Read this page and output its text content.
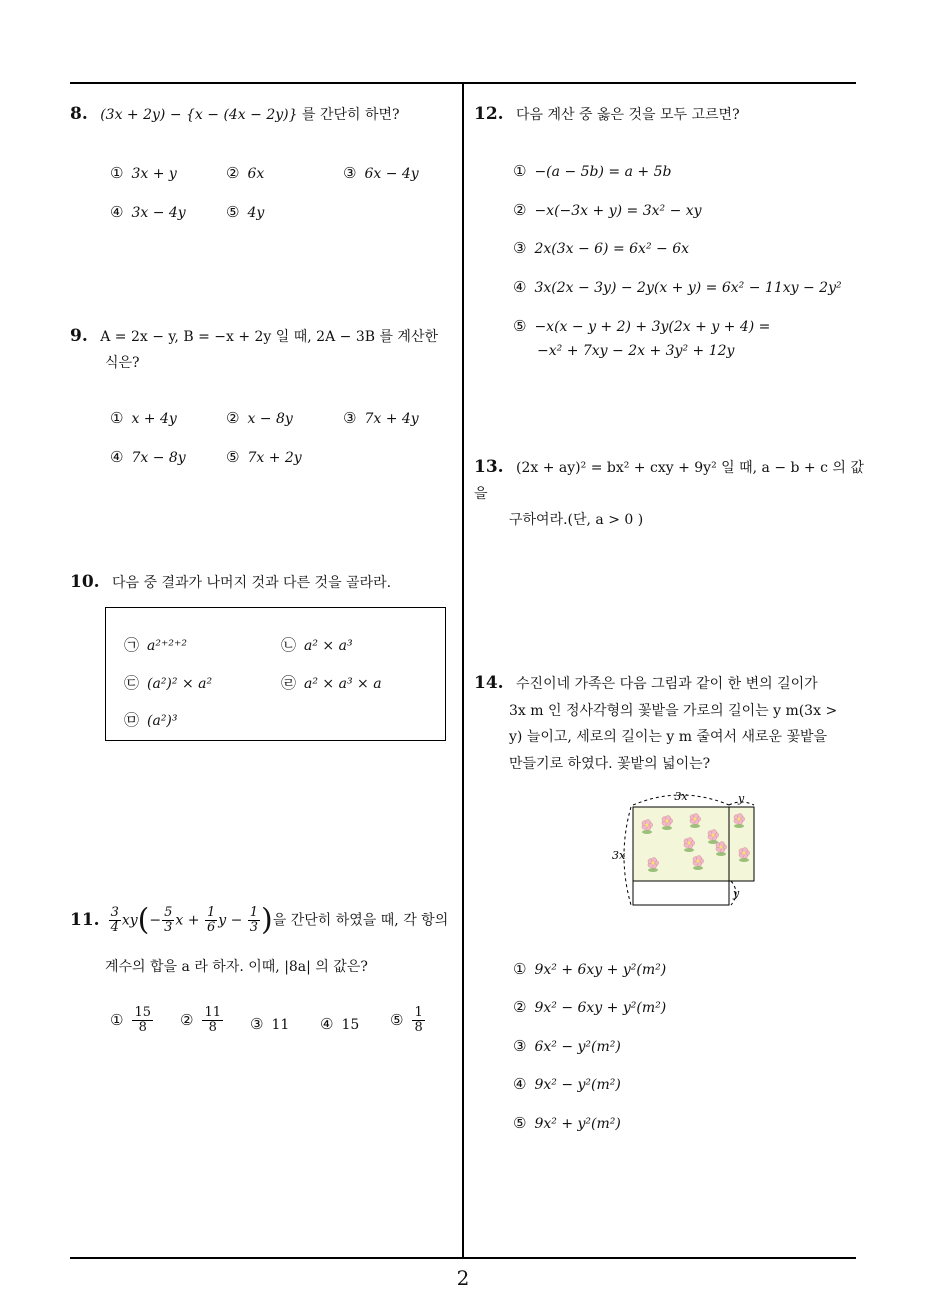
8. (3x + 2y) − {x − (4x − 2y)} 를 간단히 하면?
① 3x + y	② 6x	③ 6x − 4y
④ 3x − 4y	⑤ 4y
9. A = 2x − y, B = −x + 2y 일 때, 2A − 3B 를 계산한
식은?
① x + 4y	② x − 8y	③ 7x + 4y
④ 7x − 8y	⑤ 7x + 2y
10. 다음 중 결과가 나머지 것과 다른 것을 골라라.
㉠ a²⁺²⁺²	㉡ a² × a³
㉢ (a²)² × a²	㉣ a² × a³ × a
㉤ (a²)³
11. $\frac{3}{4} xy(- \frac{5}{3}$ $x + \frac{1}{6}$ $y - \frac{1}{3}$ )을 간단히 하였을 때, 각 항의
계수의 합을 a 라 하자. 이때, |8a| 의 값은?
① $\frac{15}{8}$ ② $\frac{11}{8}$ ③ 11 ④ 15 ⑤ $\frac{1}{8}$
12. 다음 계산 중 옳은 것을 모두 고르면?
① −(a − 5b) = a + 5b
② −x(−3x + y) = 3x² − xy
③ 2x(3x − 6) = 6x² − 6x
④ 3x(2x − 3y) − 2y(x + y) = 6x² − 11xy − 2y²
⑤ −x(x − y + 2) + 3y(2x + y + 4) =
−x² + 7xy − 2x + 3y² + 12y
13. (2x + ay)² = bx² + cxy + 9y² 일 때, a − b + c 의 값을
구하여라.(단, a > 0 )
14. 수진이네 가족은 다음 그림과 같이 한 변의 길이가
3x m 인 정사각형의 꽃밭을 가로의 길이는 y m(3x >
y) 늘이고, 세로의 길이는 y m 줄여서 새로운 꽃밭을
만들기로 하였다. 꽃밭의 넓이는?
3x
3x
y
y
① 9x² + 6xy + y²(m²)
② 9x² − 6xy + y²(m²)
③ 6x² − y²(m²)
④ 9x² − y²(m²)
⑤ 9x² + y²(m²)
2
